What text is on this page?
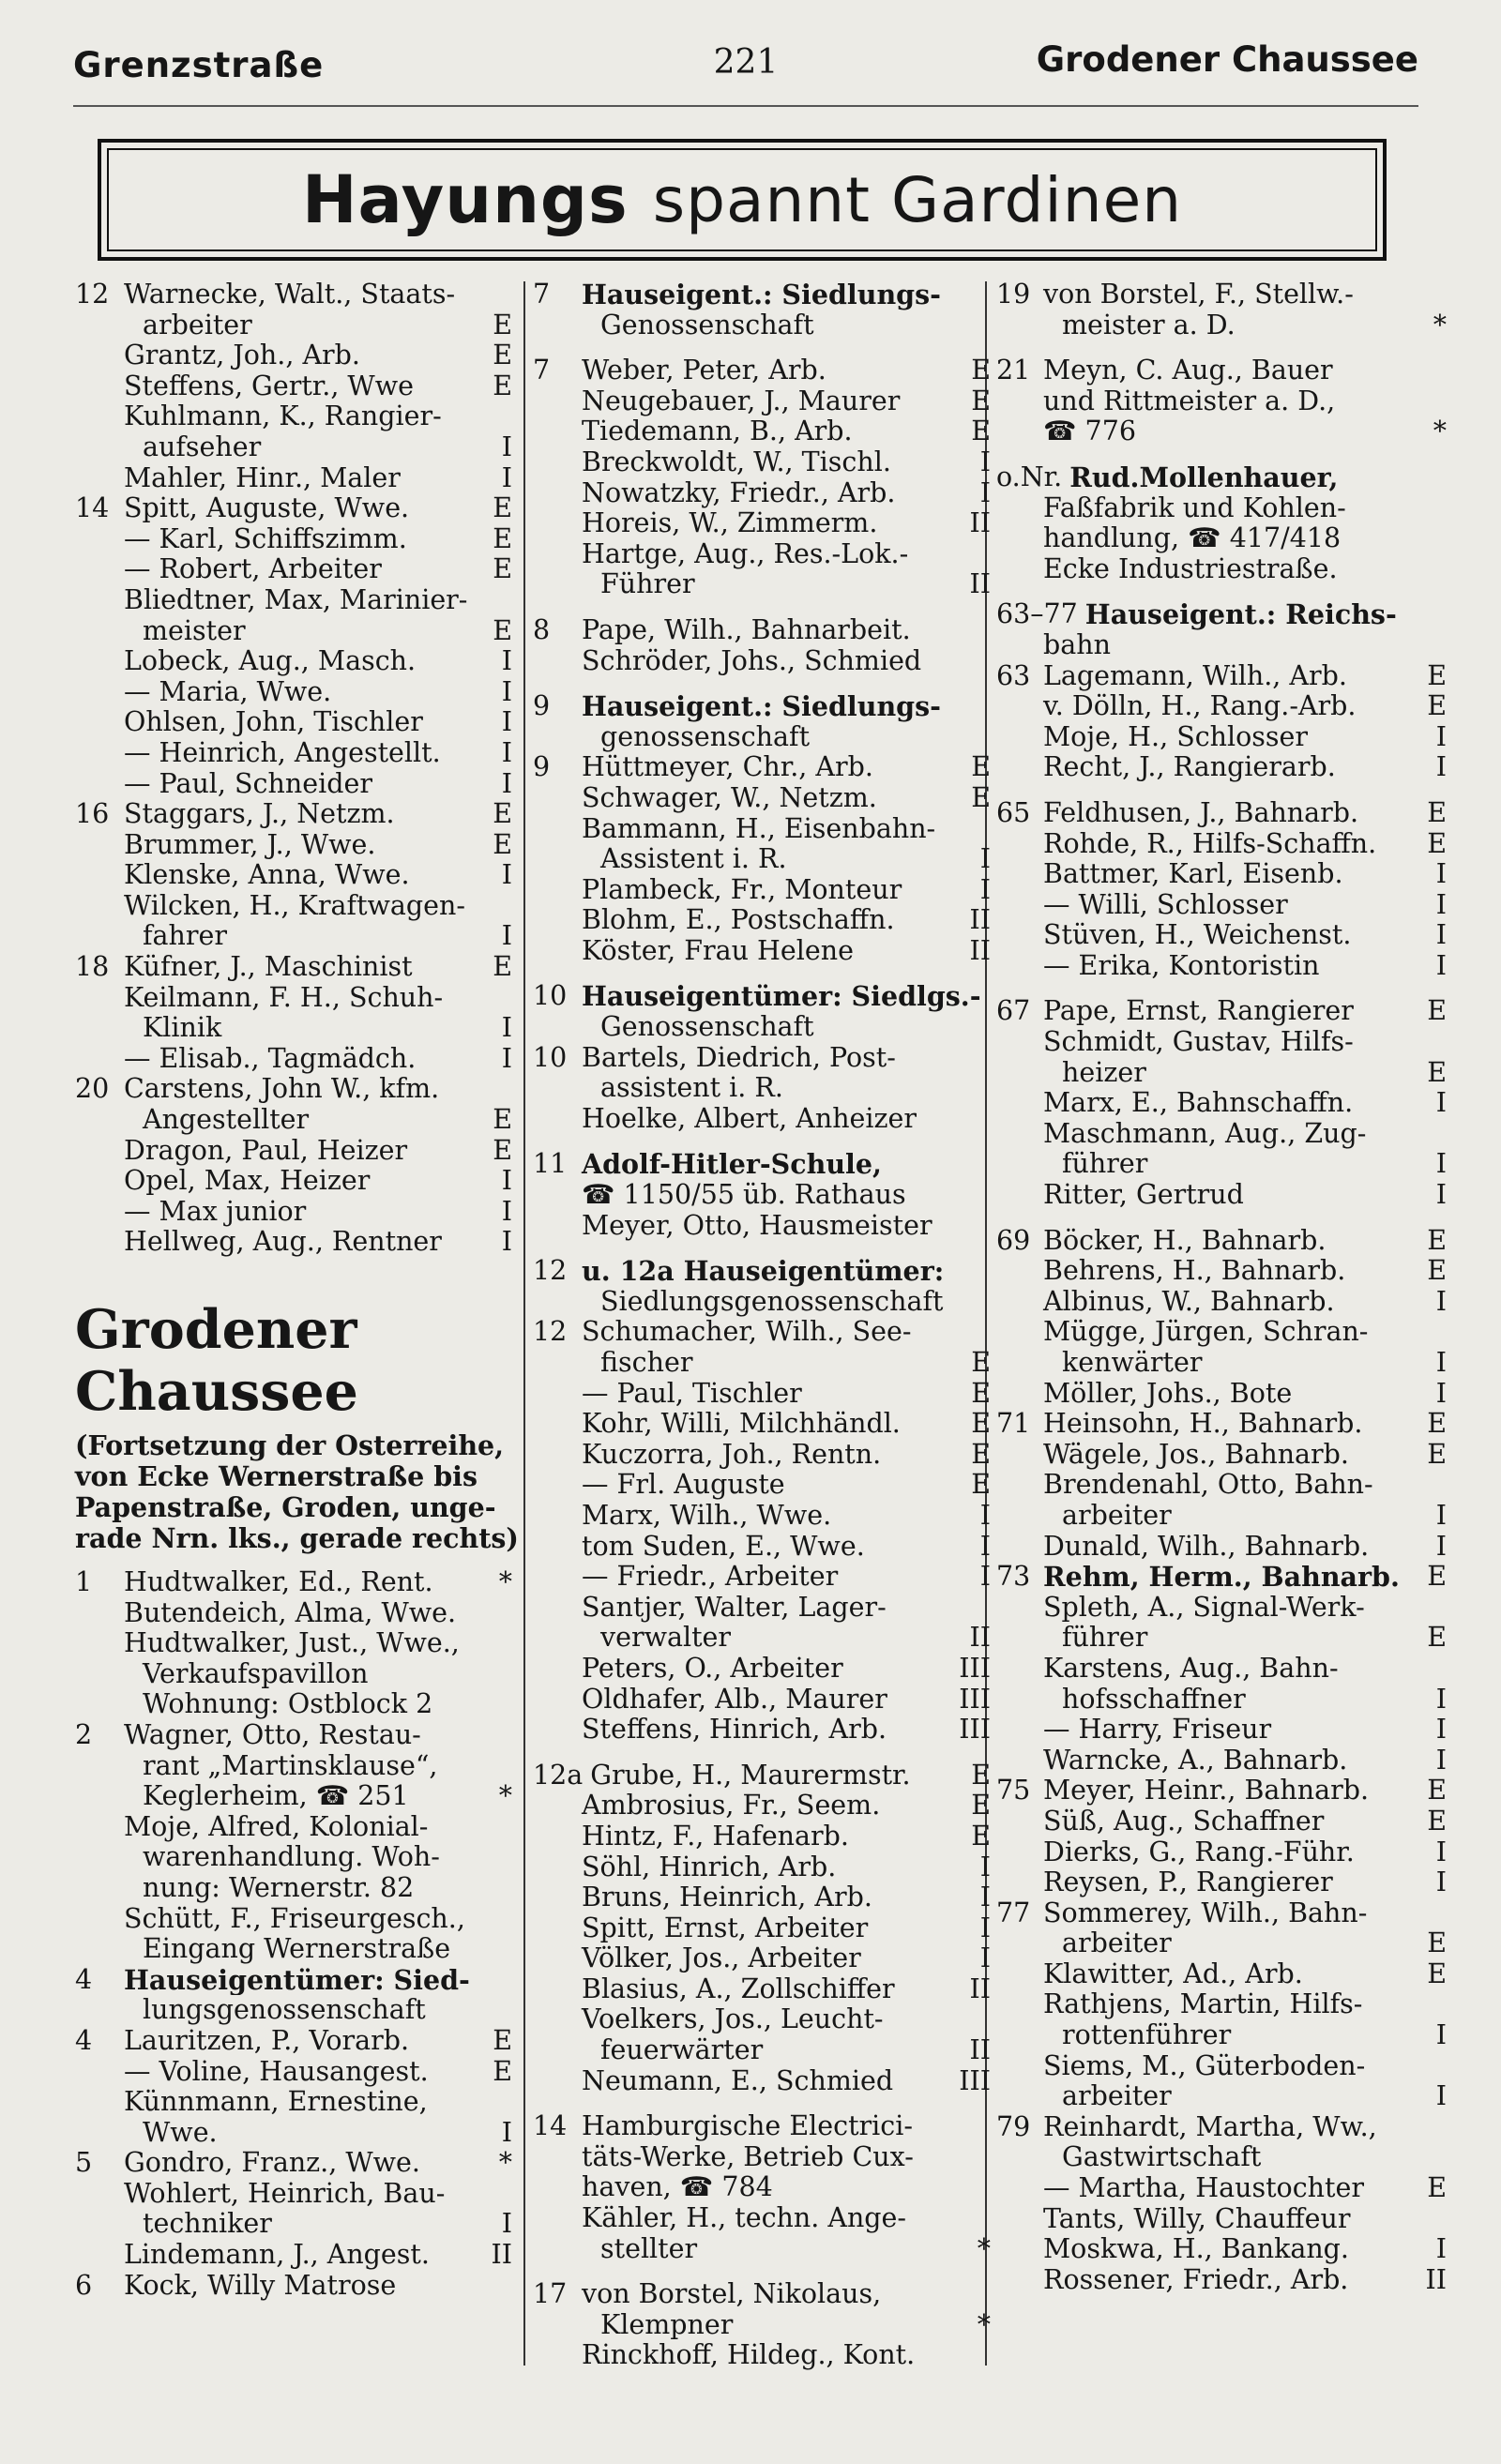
Grenzstraße	221	Grodener Chaussee
Hayungs spannt Gardinen
12 Warnecke, Walt., Staats-
arbeiter	E
Grantz, Joh., Arb.	E
Steffens, Gertr., Wwe	E
Kuhlmann, K., Rangier-
aufseher	I
Mahler, Hinr., Maler	I
14 Spitt, Auguste, Wwe.	E
— Karl, Schiffszimm.	E
— Robert, Arbeiter	E
Bliedtner, Max, Marinier-
meister	E
Lobeck, Aug., Masch.	I
— Maria, Wwe.	I
Ohlsen, John, Tischler	I
— Heinrich, Angestellt. I
— Paul, Schneider	I
16 Staggars, J., Netzm.	E
Brummer, J., Wwe.	E
Klenske, Anna, Wwe.	I
Wilcken, H., Kraftwagen-
fahrer	I
18 Küfner, J., Maschinist	E
Keilmann, F. H., Schuh-
Klinik	I
— Elisab., Tagmädch.	I
20 Carstens, John W., kfm.
Angestellter	E
Dragon, Paul, Heizer	E
Opel, Max, Heizer	I
— Max junior	I
Hellweg, Aug., Rentner I
Grodener
Chaussee
(Fortsetzung der Osterreihe,
von Ecke Wernerstraße bis
Papenstraße, Groden, unge-
rade Nrn. lks., gerade rechts)
1 Hudtwalker, Ed., Rent. *
Butendeich, Alma, Wwe.
Hudtwalker, Just., Wwe.,
Verkaufspavillon
Wohnung: Ostblock 2
2 Wagner, Otto, Restau-
rant „Martinsklause“,
Keglerheim, ☎ 251	*
Moje, Alfred, Kolonial-
warenhandlung. Woh-
nung: Wernerstr. 82
Schütt, F., Friseurgesch.,
Eingang Wernerstraße
4 Hauseigentümer: Sied-
lungsgenossenschaft
4 Lauritzen, P., Vorarb.	E
— Voline, Hausangest. E
Künnmann, Ernestine,
Wwe.	I
5 Gondro, Franz., Wwe.	*
Wohlert, Heinrich, Bau-
techniker	I
Lindemann, J., Angest. II
6 Kock, Willy Matrose
7 Hauseigent.: Siedlungs-
Genossenschaft
7 Weber, Peter, Arb.	E
Neugebauer, J., Maurer	E
Tiedemann, B., Arb.	E
Breckwoldt, W., Tischl.	I
Nowatzky, Friedr., Arb.	I
Horeis, W., Zimmerm.	II
Hartge, Aug., Res.-Lok.-
Führer	II
8 Pape, Wilh., Bahnarbeit.
Schröder, Johs., Schmied
9 Hauseigent.: Siedlungs-
genossenschaft
9 Hüttmeyer, Chr., Arb.	E
Schwager, W., Netzm.	E
Bammann, H., Eisenbahn-
Assistent i. R.	I
Plambeck, Fr., Monteur	I
Blohm, E., Postschaffn.	II
Köster, Frau Helene	II
10 Hauseigentümer: Siedlgs.-
Genossenschaft
10 Bartels, Diedrich, Post-
assistent i. R.
Hoelke, Albert, Anheizer
11 Adolf-Hitler-Schule,
☎ 1150/55 üb. Rathaus
Meyer, Otto, Hausmeister
12 u. 12a Hauseigentümer:
Siedlungsgenossenschaft
12 Schumacher, Wilh., See-
fischer	E
— Paul, Tischler	E
Kohr, Willi, Milchhändl.	E
Kuczorra, Joh., Rentn.	E
— Frl. Auguste	E
Marx, Wilh., Wwe.	I
tom Suden, E., Wwe.	I
— Friedr., Arbeiter	I
Santjer, Walter, Lager-
verwalter	II
Peters, O., Arbeiter	III
Oldhafer, Alb., Maurer	III
Steffens, Hinrich, Arb.	III
12a Grube, H., Maurermstr. E
Ambrosius, Fr., Seem.	E
Hintz, F., Hafenarb.	E
Söhl, Hinrich, Arb.	I
Bruns, Heinrich, Arb.	I
Spitt, Ernst, Arbeiter	I
Völker, Jos., Arbeiter	I
Blasius, A., Zollschiffer	II
Voelkers, Jos., Leucht-
feuerwärter	II
Neumann, E., Schmied III
14 Hamburgische Electrici-
täts-Werke, Betrieb Cux-
haven, ☎ 784
Kähler, H., techn. Ange-
stellter	*
17 von Borstel, Nikolaus,
Klempner	*
Rinckhoff, Hildeg., Kont.
19 von Borstel, F., Stellw.-
meister a. D.	*
21 Meyn, C. Aug., Bauer
und Rittmeister a. D.,
☎ 776	*
o.Nr. Rud.Mollenhauer,
Faßfabrik und Kohlen-
handlung, ☎ 417/418
Ecke Industriestraße.
63–77 Hauseigent.: Reichs-
bahn
63 Lagemann, Wilh., Arb.	E
v. Dölln, H., Rang.-Arb.	E
Moje, H., Schlosser	I
Recht, J., Rangierarb.	I
65 Feldhusen, J., Bahnarb.	E
Rohde, R., Hilfs-Schaffn. E
Battmer, Karl, Eisenb.	I
— Willi, Schlosser	I
Stüven, H., Weichenst.	I
— Erika, Kontoristin	I
67 Pape, Ernst, Rangierer	E
Schmidt, Gustav, Hilfs-
heizer	E
Marx, E., Bahnschaffn.	I
Maschmann, Aug., Zug-
führer	I
Ritter, Gertrud	I
69 Böcker, H., Bahnarb.	E
Behrens, H., Bahnarb.	E
Albinus, W., Bahnarb.	I
Mügge, Jürgen, Schran-
kenwärter	I
Möller, Johs., Bote	I
71 Heinsohn, H., Bahnarb. E
Wägele, Jos., Bahnarb.	E
Brendenahl, Otto, Bahn-
arbeiter	I
Dunald, Wilh., Bahnarb.	I
73 Rehm, Herm., Bahnarb. E
Spleth, A., Signal-Werk-
führer	E
Karstens, Aug., Bahn-
hofsschaffner	I
— Harry, Friseur	I
Warncke, A., Bahnarb.	I
75 Meyer, Heinr., Bahnarb. E
Süß, Aug., Schaffner	E
Dierks, G., Rang.-Führ.	I
Reysen, P., Rangierer	I
77 Sommerey, Wilh., Bahn-
arbeiter	E
Klawitter, Ad., Arb.	E
Rathjens, Martin, Hilfs-
rottenführer	I
Siems, M., Güterboden-
arbeiter	I
79 Reinhardt, Martha, Ww.,
Gastwirtschaft
— Martha, Haustochter E
Tants, Willy, Chauffeur
Moskwa, H., Bankang.	I
Rossener, Friedr., Arb.	II
